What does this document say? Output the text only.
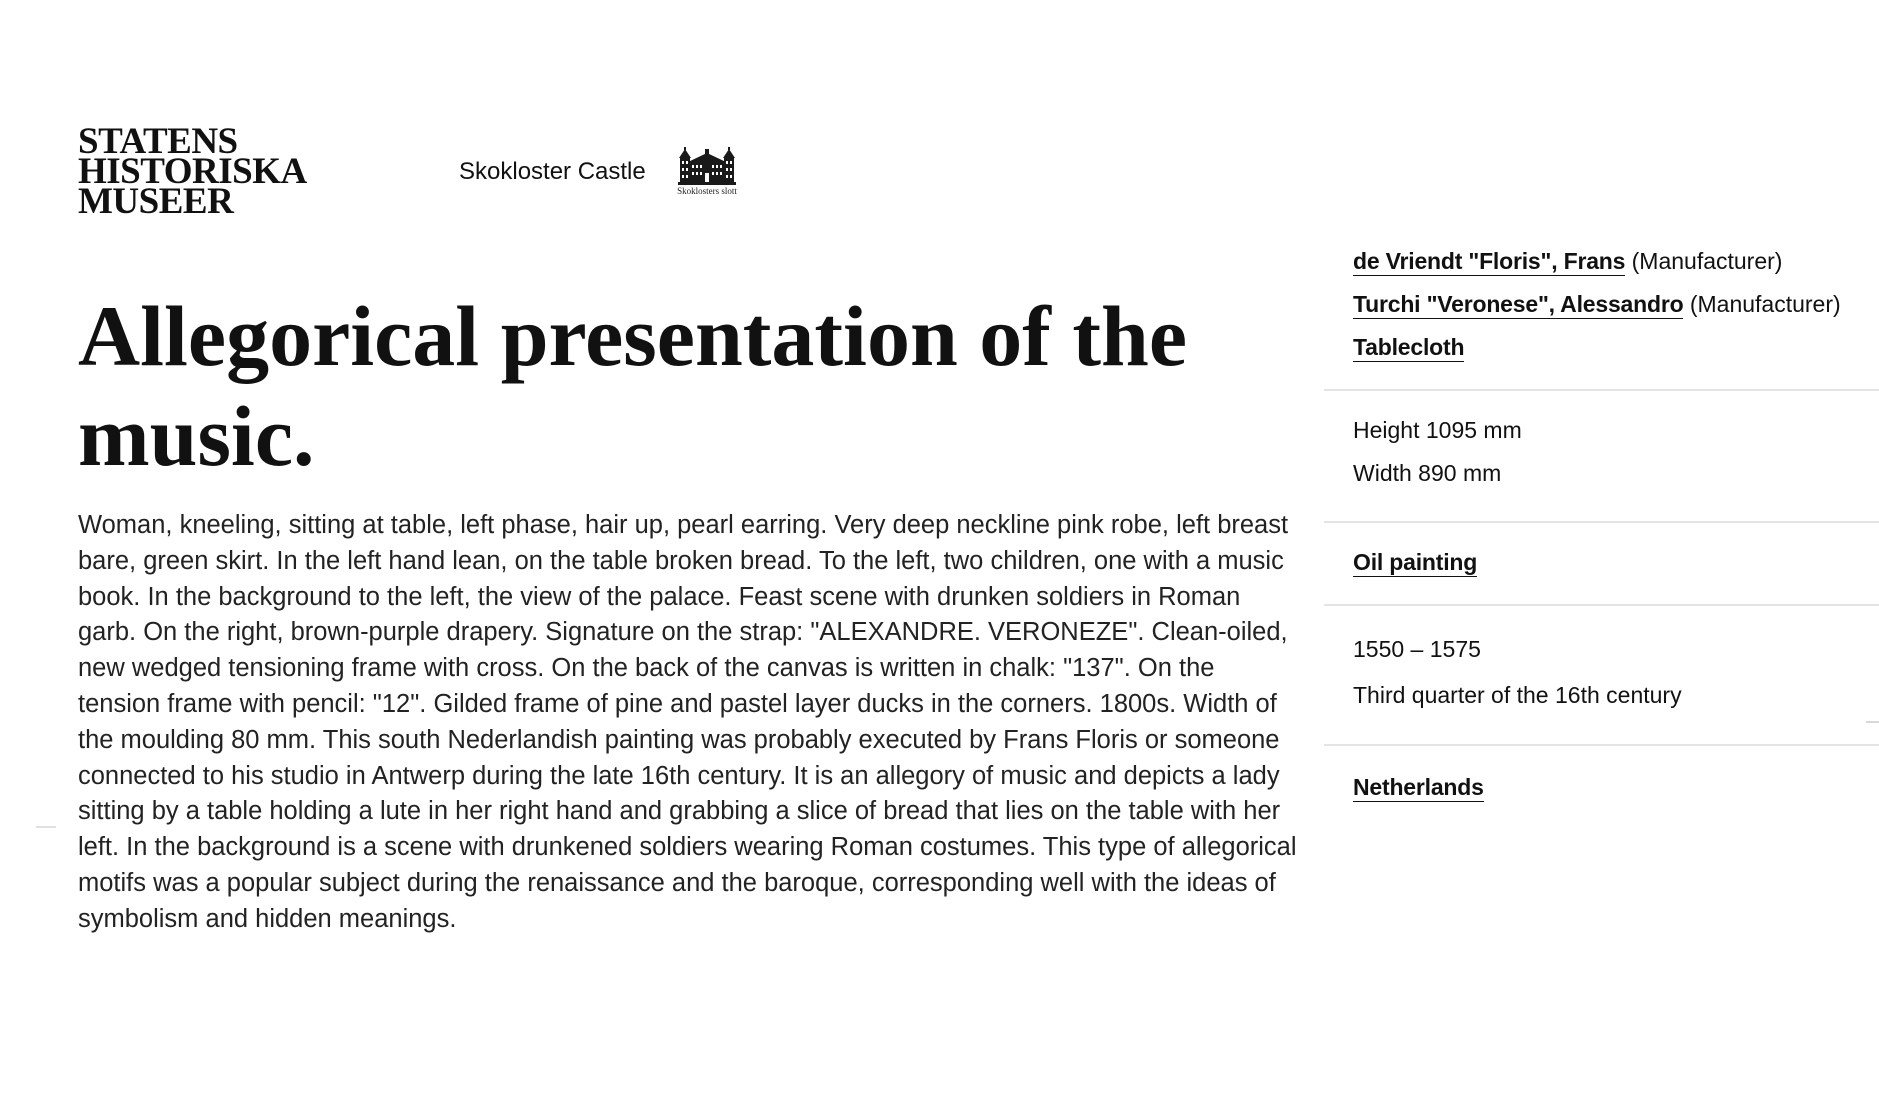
STATENS
HISTORISKA
MUSEER
Skokloster Castle
Skoklosters slott
Allegorical presentation of the music.

Woman, kneeling, sitting at table, left phase, hair up, pearl earring. Very deep neckline pink robe, left breast bare, green skirt. In the left hand lean, on the table broken bread. To the left, two children, one with a music book. In the background to the left, the view of the palace. Feast scene with drunken soldiers in Roman garb. On the right, brown-purple drapery. Signature on the strap: "ALEXANDRE. VERONEZE". Clean-oiled, new wedged tensioning frame with cross. On the back of the canvas is written in chalk: "137". On the tension frame with pencil: "12". Gilded frame of pine and pastel layer ducks in the corners. 1800s. Width of the moulding 80 mm. This south Nederlandish painting was probably executed by Frans Floris or someone connected to his studio in Antwerp during the late 16th century. It is an allegory of music and depicts a lady sitting by a table holding a lute in her right hand and grabbing a slice of bread that lies on the table with her left. In the background is a scene with drunkened soldiers wearing Roman costumes. This type of allegorical motifs was a popular subject during the renaissance and the baroque, corresponding well with the ideas of symbolism and hidden meanings.

de Vriendt "Floris", Frans (Manufacturer)
Turchi "Veronese", Alessandro (Manufacturer)
Tablecloth
Height 1095 mm
Width 890 mm
Oil painting
1550 – 1575
Third quarter of the 16th century
Netherlands
